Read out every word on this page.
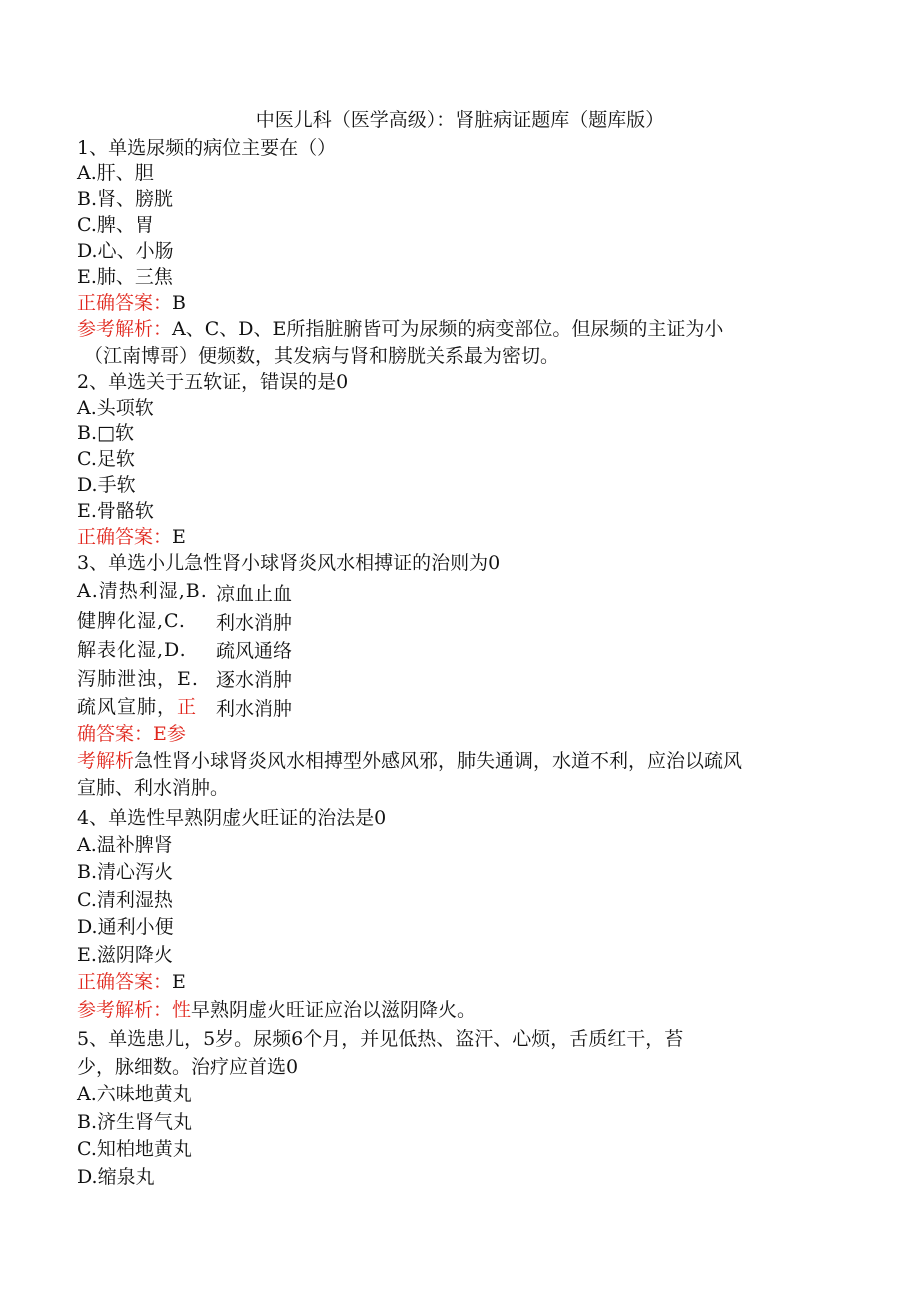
中医儿科（医学高级）：肾脏病证题库（题库版）
1、单选尿频的病位主要在（）
A.肝、胆
B.肾、膀胱
C.脾、胃
D.心、小肠
E.肺、三焦
正确答案：B
参考解析：A、C、D、E所指脏腑皆可为尿频的病变部位。但尿频的主证为小
（江南博哥）便频数，其发病与肾和膀胱关系最为密切。
2、单选关于五软证，错误的是0
A.头项软
B.□软
C.足软
D.手软
E.骨骼软
正确答案：E
3、单选小儿急性肾小球肾炎风水相搏证的治则为0
A.清热利湿,B.
健脾化湿,C.
解表化湿,D.
泻肺泄浊，E.
疏风宣肺，正
凉血止血
利水消肿
疏风通络
逐水消肿
利水消肿
确答案：E参
考解析急性肾小球肾炎风水相搏型外感风邪，肺失通调，水道不利，应治以疏风
宣肺、利水消肿。
4、单选性早熟阴虚火旺证的治法是0
A.温补脾肾
B.清心泻火
C.清利湿热
D.通利小便
E.滋阴降火
正确答案：E
参考解析：性早熟阴虚火旺证应治以滋阴降火。
5、单选患儿，5岁。尿频6个月，并见低热、盗汗、心烦，舌质红干，苔
少，脉细数。治疗应首选0
A.六味地黄丸
B.济生肾气丸
C.知柏地黄丸
D.缩泉丸
